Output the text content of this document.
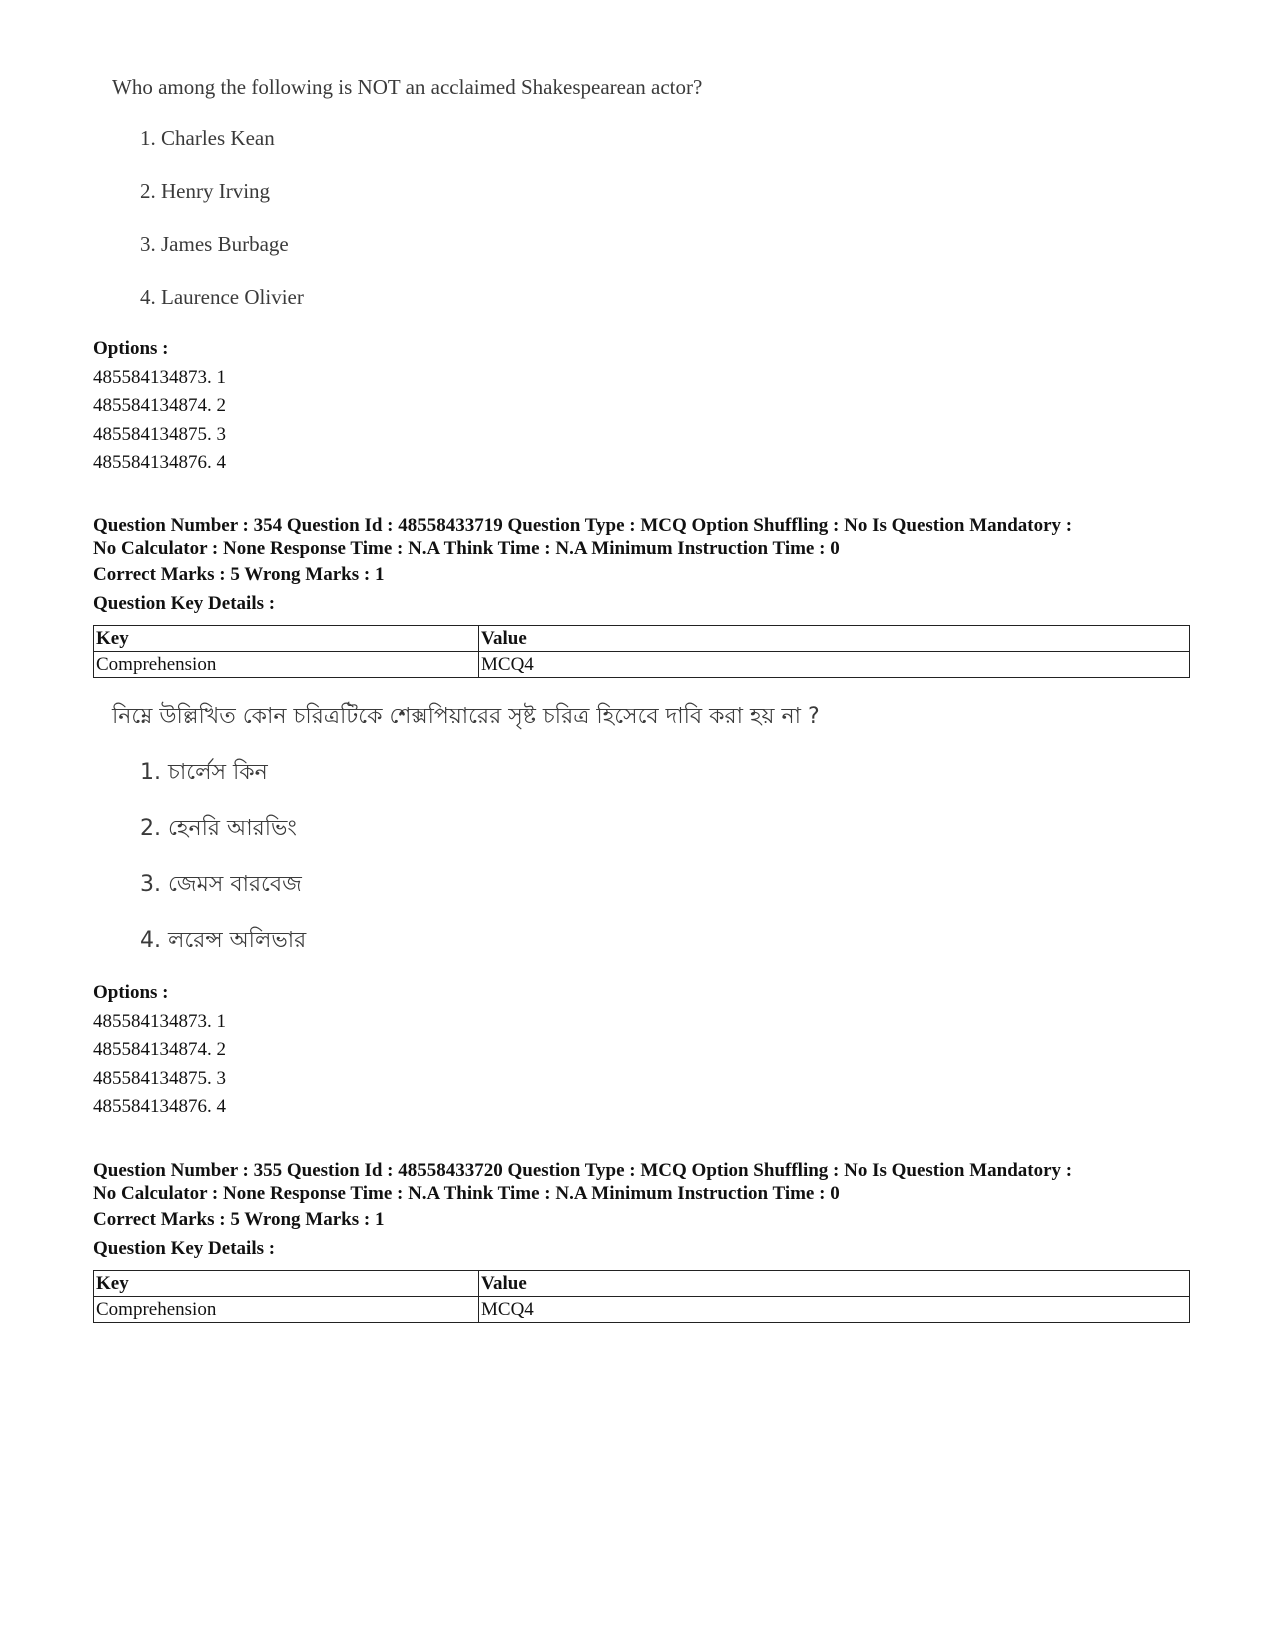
Who among the following is NOT an acclaimed Shakespearean actor?

1. Charles Kean

2. Henry Irving

3. James Burbage

4. Laurence Olivier

Options :
485584134873. 1
485584134874. 2
485584134875. 3
485584134876. 4
Question Number : 354 Question Id : 48558433719 Question Type : MCQ Option Shuffling : No Is Question Mandatory :
No Calculator : None Response Time : N.A Think Time : N.A Minimum Instruction Time : 0
Correct Marks : 5 Wrong Marks : 1
Question Key Details :
Key	Value
Comprehension	MCQ4

নিম্নে উল্লিখিত কোন চরিত্রটিকে শেক্সপিয়ারের সৃষ্ট চরিত্র হিসেবে দাবি করা হয় না ?

1. চার্লেস কিন

2. হেনরি আরভিং

3. জেমস বারবেজ

4. লরেন্স অলিভার

Options :
485584134873. 1
485584134874. 2
485584134875. 3
485584134876. 4
Question Number : 355 Question Id : 48558433720 Question Type : MCQ Option Shuffling : No Is Question Mandatory :
No Calculator : None Response Time : N.A Think Time : N.A Minimum Instruction Time : 0
Correct Marks : 5 Wrong Marks : 1
Question Key Details :
Key	Value
Comprehension	MCQ4
